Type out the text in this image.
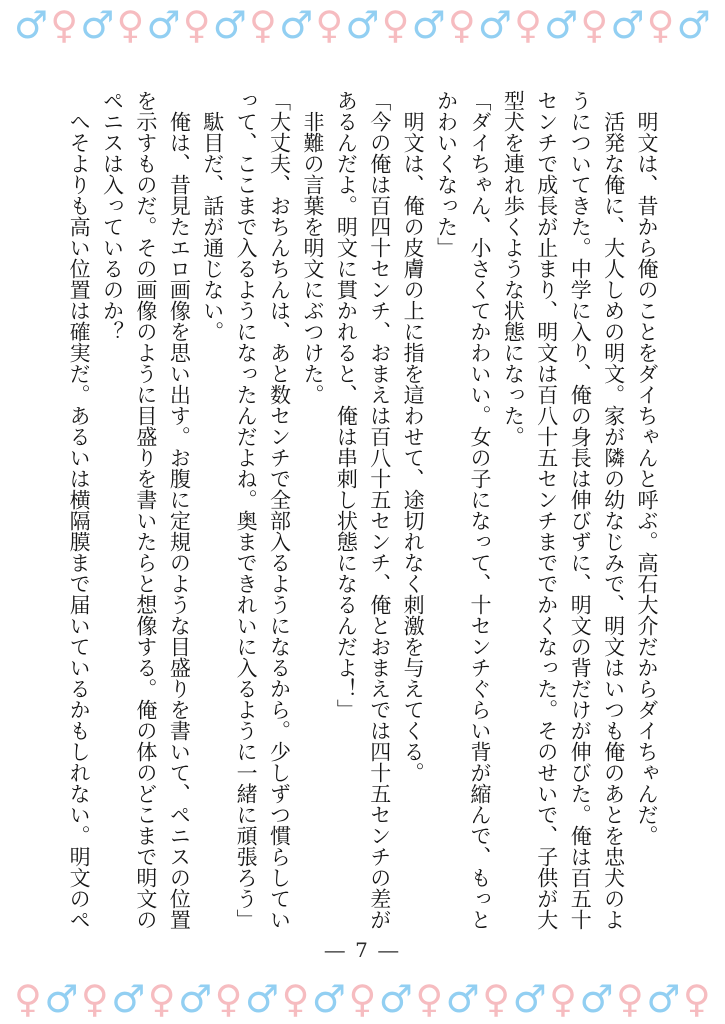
♂ ♀ ♂ ♀ ♂ ♀ ♂ ♀ ♂ ♀ ♂ ♀ ♂ ♀ ♂ ♀ ♂ ♀ ♂ ♀ ♂

明文は、昔から俺のことをダイちゃんと呼ぶ。高石大介だからダイちゃんだ。

活発な俺に、大人しめの明文。家が隣の幼なじみで、明文はいつも俺のあとを忠犬のようについてきた。中学に入り、俺の身長は伸びずに、明文の背だけが伸びた。俺は百五十センチで成長が止まり、明文は百八十五センチまででかくなった。そのせいで、子供が大型犬を連れ歩くような状態になった。

「ダイちゃん、小さくてかわいい。女の子になって、十センチぐらい背が縮んで、もっとかわいくなった」

明文は、俺の皮膚の上に指を這わせて、途切れなく刺激を与えてくる。

「今の俺は百四十センチ、おまえは百八十五センチ、俺とおまえでは四十五センチの差があるんだよ。明文に貫かれると、俺は串刺し状態になるんだよ！」

非難の言葉を明文にぶつけた。

「大丈夫、おちんちんは、あと数センチで全部入るようになるから。少しずつ慣らしていって、ここまで入るようになったんだよね。奥まできれいに入るように一緒に頑張ろう」

駄目だ、話が通じない。

俺は、昔見たエロ画像を思い出す。お腹に定規のような目盛りを書いて、ペニスの位置を示すものだ。その画像のように目盛りを書いたらと想像する。俺の体のどこまで明文のペニスは入っているのか？

へそよりも高い位置は確実だ。あるいは横隔膜まで届いているかもしれない。明文のペ

― 7 ―
♀ ♂ ♀ ♂ ♀ ♂ ♀ ♂ ♀ ♂ ♀ ♂ ♀ ♂ ♀ ♂ ♀ ♂ ♀ ♂ ♀
